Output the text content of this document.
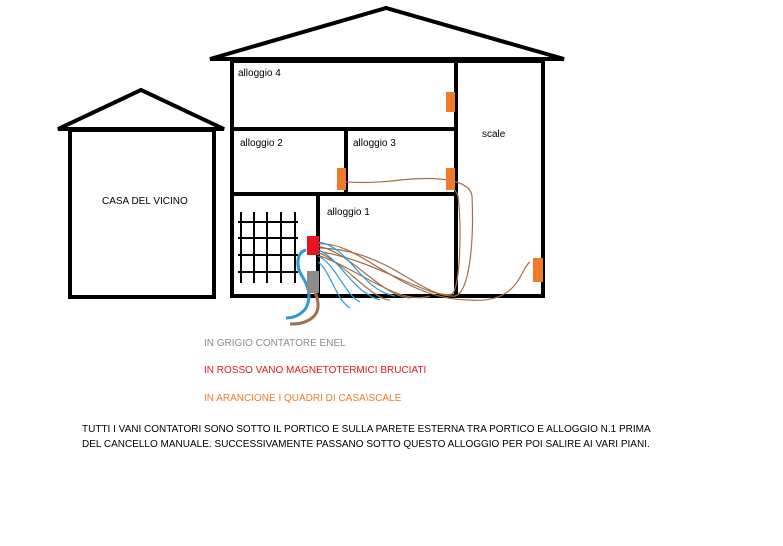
CASA DEL VICINO
alloggio 4
alloggio 2	alloggio 3
alloggio 1
scale
IN GRIGIO CONTATORE ENEL
IN ROSSO VANO MAGNETOTERMICI BRUCIATI
IN ARANCIONE I QUADRI DI CASA\SCALE
TUTTI I VANI CONTATORI SONO SOTTO IL PORTICO E SULLA PARETE ESTERNA TRA PORTICO E ALLOGGIO N.1 PRIMA
DEL CANCELLO MANUALE. SUCCESSIVAMENTE PASSANO SOTTO QUESTO ALLOGGIO PER POI SALIRE AI VARI PIANI.
